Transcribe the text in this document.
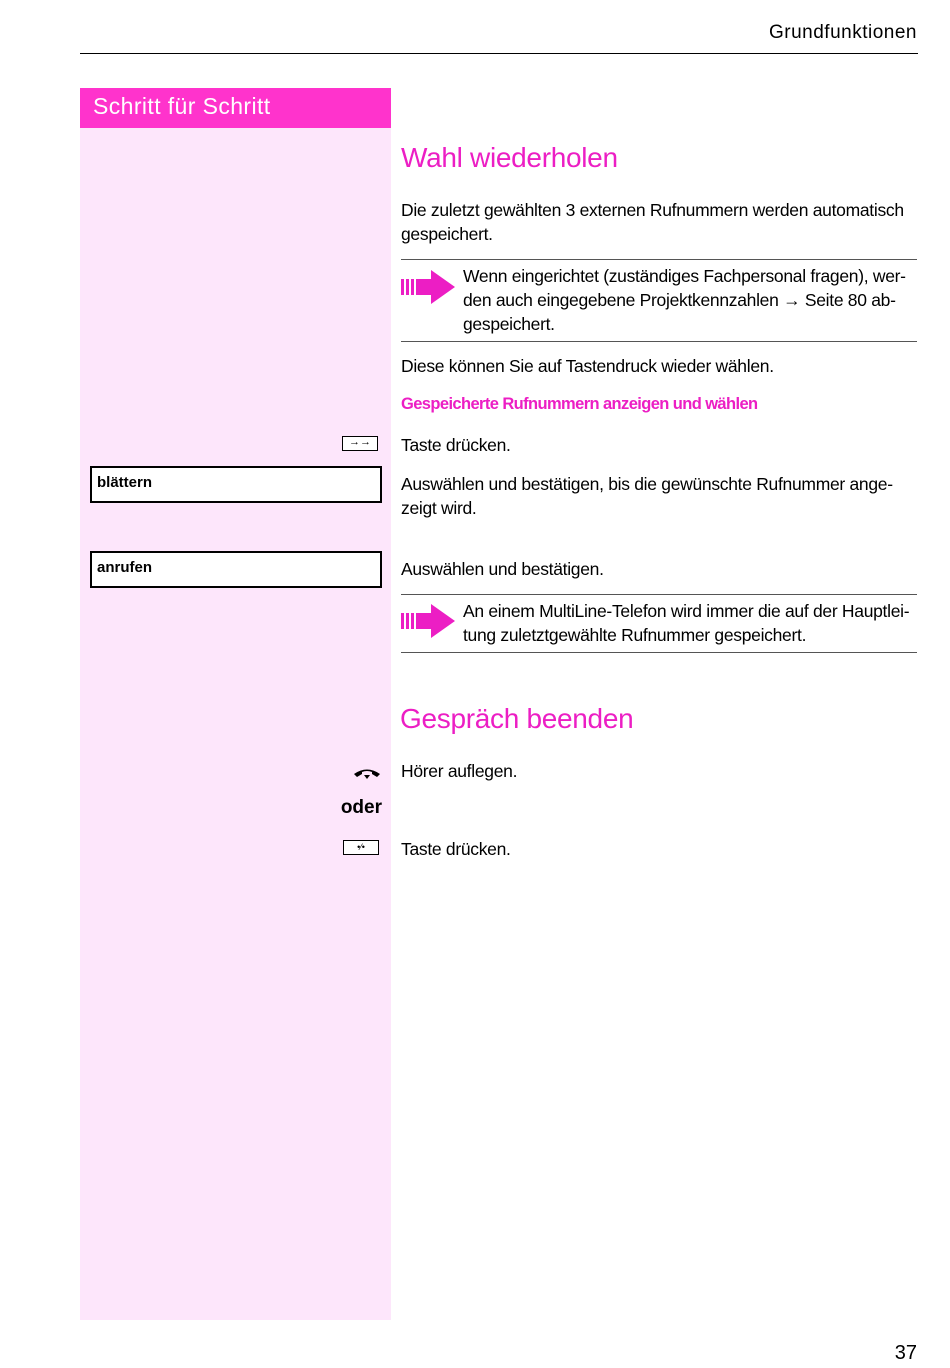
Grundfunktionen
Schritt für Schritt
Wahl wiederholen
Die zuletzt gewählten 3 externen Rufnummern werden automatisch gespeichert.
Wenn eingerichtet (zuständiges Fachpersonal fragen), wer-
den auch eingegebene Projektkennzahlen → Seite 80 ab-
gespeichert.
Diese können Sie auf Tastendruck wieder wählen.
Gespeicherte Rufnummern anzeigen und wählen
→→	Taste drücken.
blättern	Auswählen und bestätigen, bis die gewünschte Rufnummer ange-
zeigt wird.
anrufen	Auswählen und bestätigen.
An einem MultiLine-Telefon wird immer die auf der Hauptlei-
tung zuletztgewählte Rufnummer gespeichert.
Gespräch beenden
Hörer auflegen.
oder
•⁄•	Taste drücken.
37
